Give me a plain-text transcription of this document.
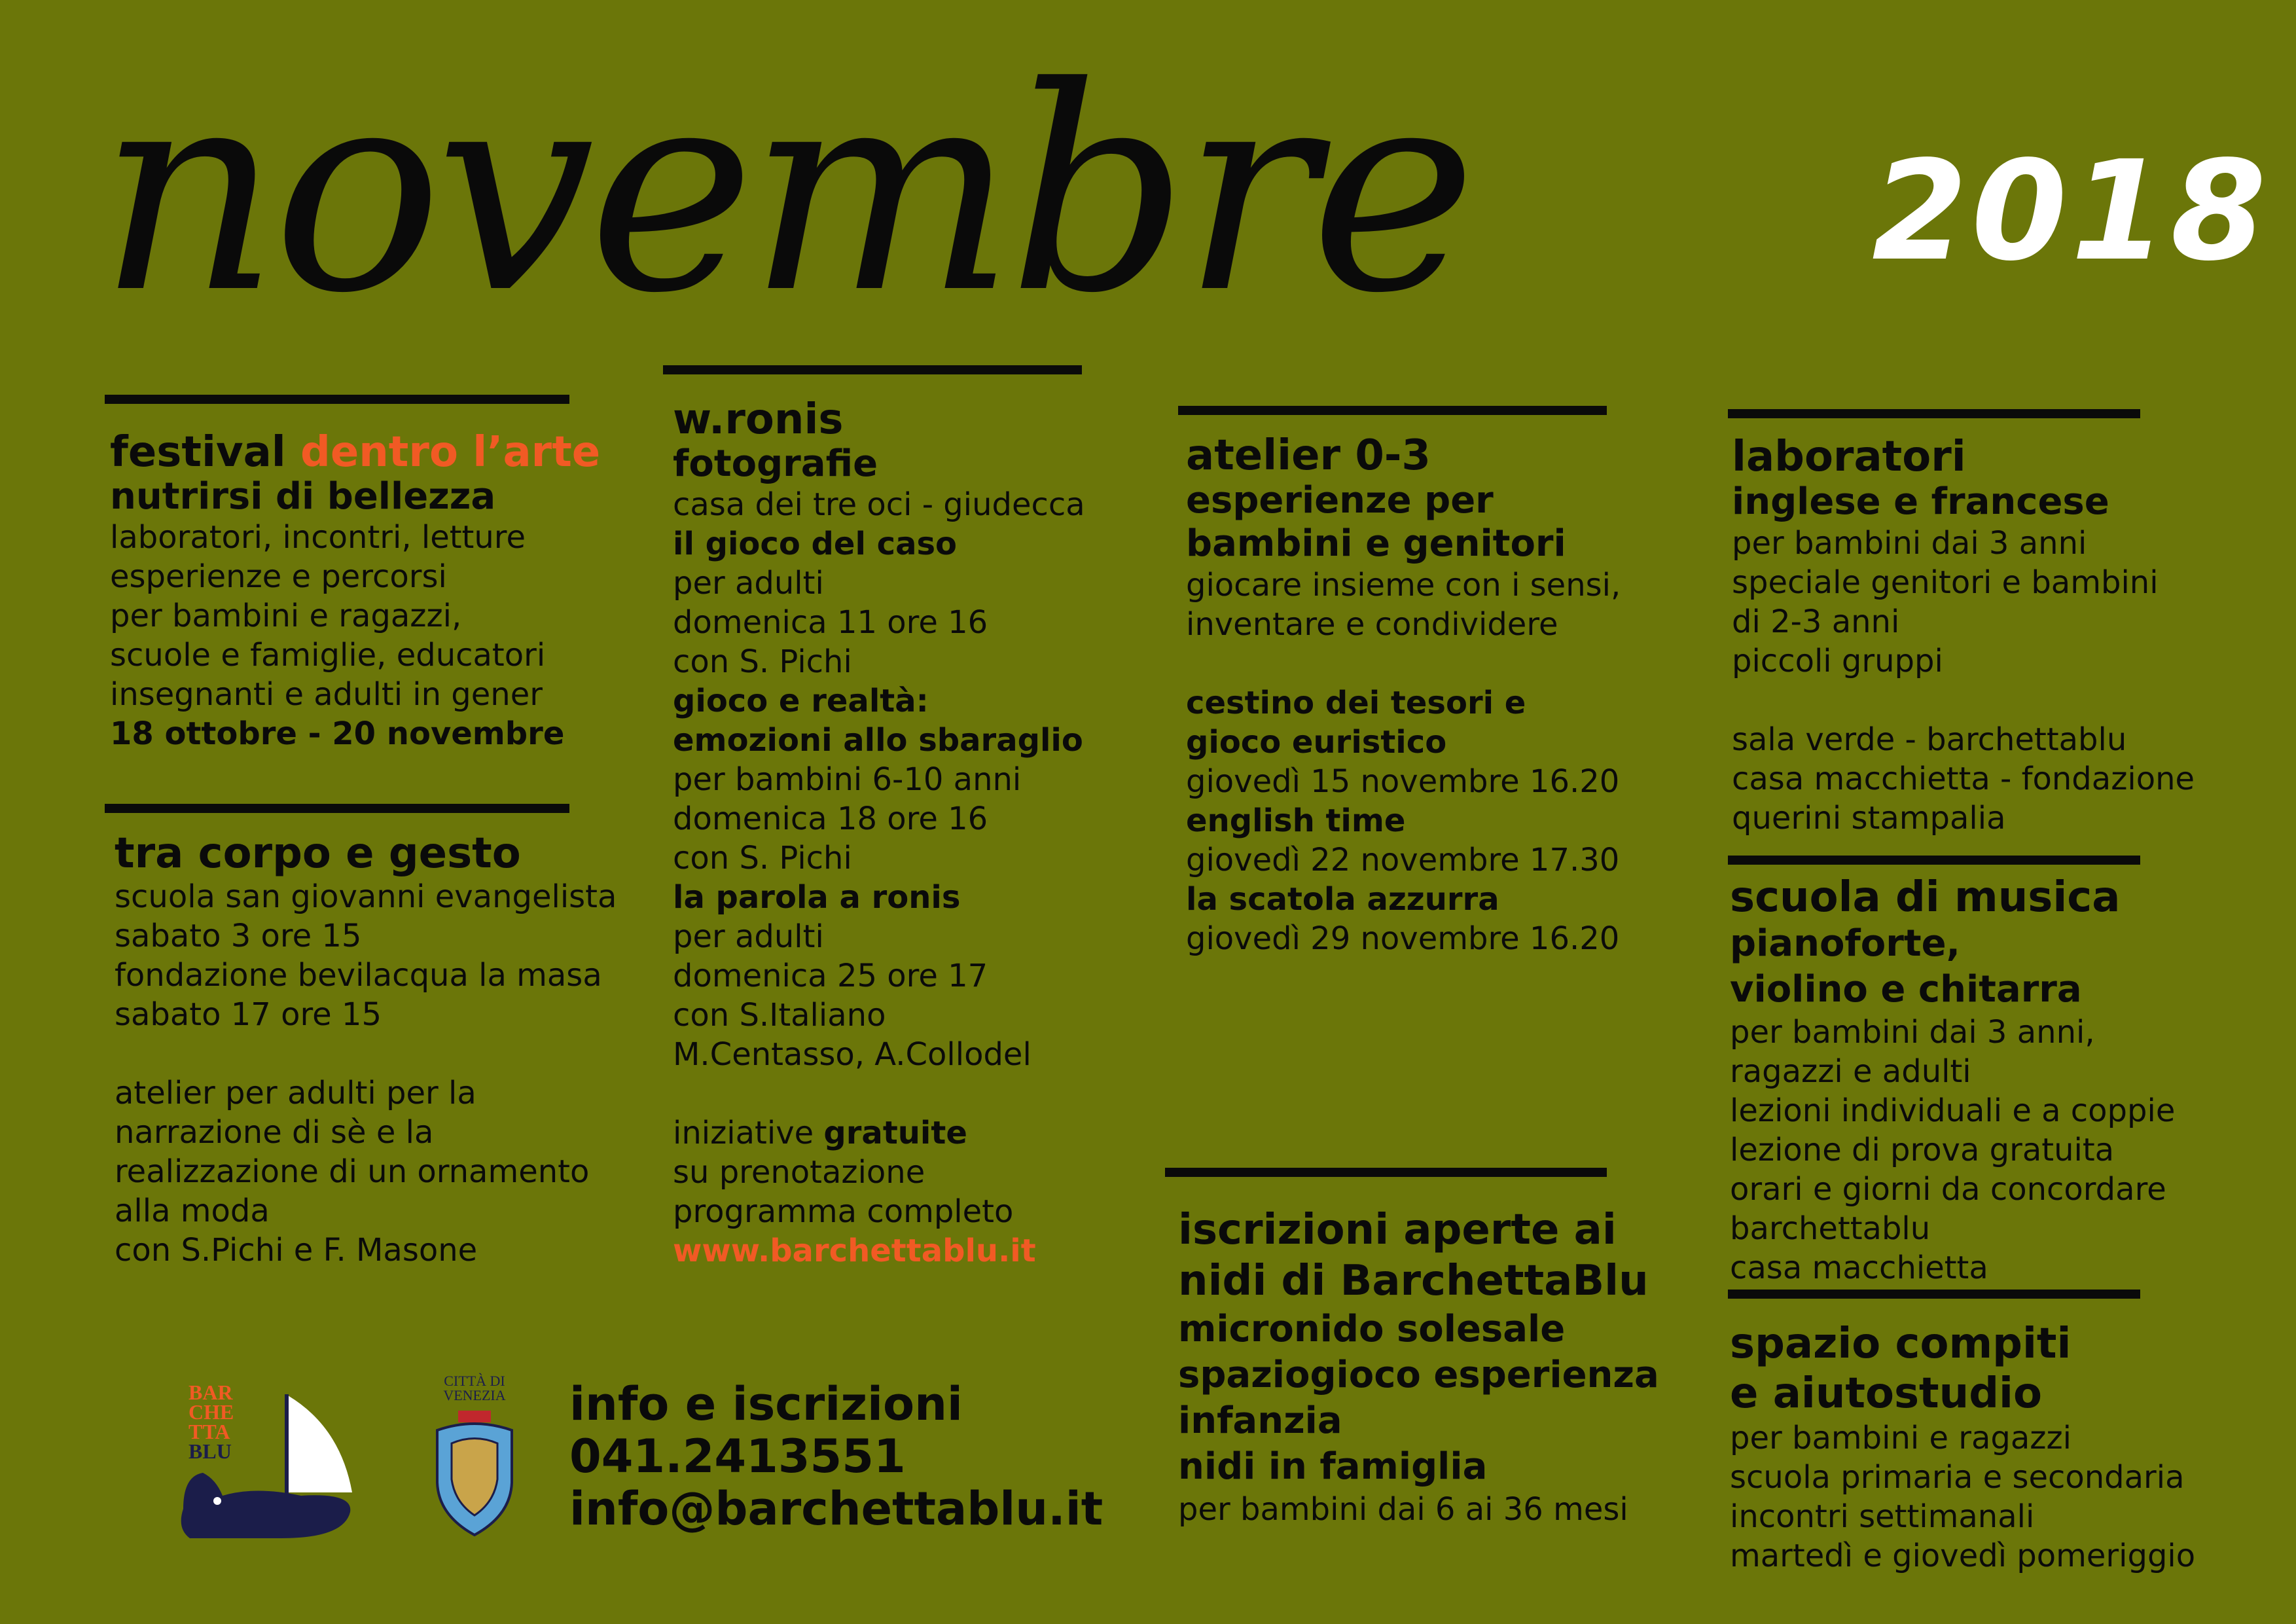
novembre	2018
festival dentro l’arte
nutrirsi di bellezza
laboratori, incontri, letture
esperienze e percorsi
per bambini e ragazzi,
scuole e famiglie, educatori
insegnanti e adulti in gener
18 ottobre - 20 novembre
tra corpo e gesto
scuola san giovanni evangelista
sabato 3 ore 15
fondazione bevilacqua la masa
sabato 17 ore 15
atelier per adulti per la
narrazione di sè e la
realizzazione di un ornamento
alla moda
con S.Pichi e F. Masone
w.ronis
fotografie
casa dei tre oci - giudecca
il gioco del caso
per adulti
domenica 11 ore 16
con S. Pichi
gioco e realtà:
emozioni allo sbaraglio
per bambini 6-10 anni
domenica 18 ore 16
con S. Pichi
la parola a ronis
per adulti
domenica 25 ore 17
con S.Italiano
M.Centasso, A.Collodel
iniziative gratuite
su prenotazione
programma completo
www.barchettablu.it
atelier 0-3
esperienze per
bambini e genitori
giocare insieme con i sensi,
inventare e condividere
cestino dei tesori e
gioco euristico
giovedì 15 novembre 16.20
english time
giovedì 22 novembre 17.30
la scatola azzurra
giovedì 29 novembre 16.20
iscrizioni aperte ai
nidi di BarchettaBlu
micronido solesale
spaziogioco esperienza
infanzia
nidi in famiglia
per bambini dai 6 ai 36 mesi
laboratori
inglese e francese
per bambini dai 3 anni
speciale genitori e bambini
di 2-3 anni
piccoli gruppi
sala verde - barchettablu
casa macchietta - fondazione
querini stampalia
scuola di musica
pianoforte,
violino e chitarra
per bambini dai 3 anni,
ragazzi e adulti
lezioni individuali e a coppie
lezione di prova gratuita
orari e giorni da concordare
barchettablu
casa macchietta
spazio compiti
e aiutostudio
per bambini e ragazzi
scuola primaria e secondaria
incontri settimanali
martedì e giovedì pomeriggio
BAR
CHE
TTA
BLU
CITTÀ DI
VENEZIA info e iscrizioni
041.2413551
info@barchettablu.it
